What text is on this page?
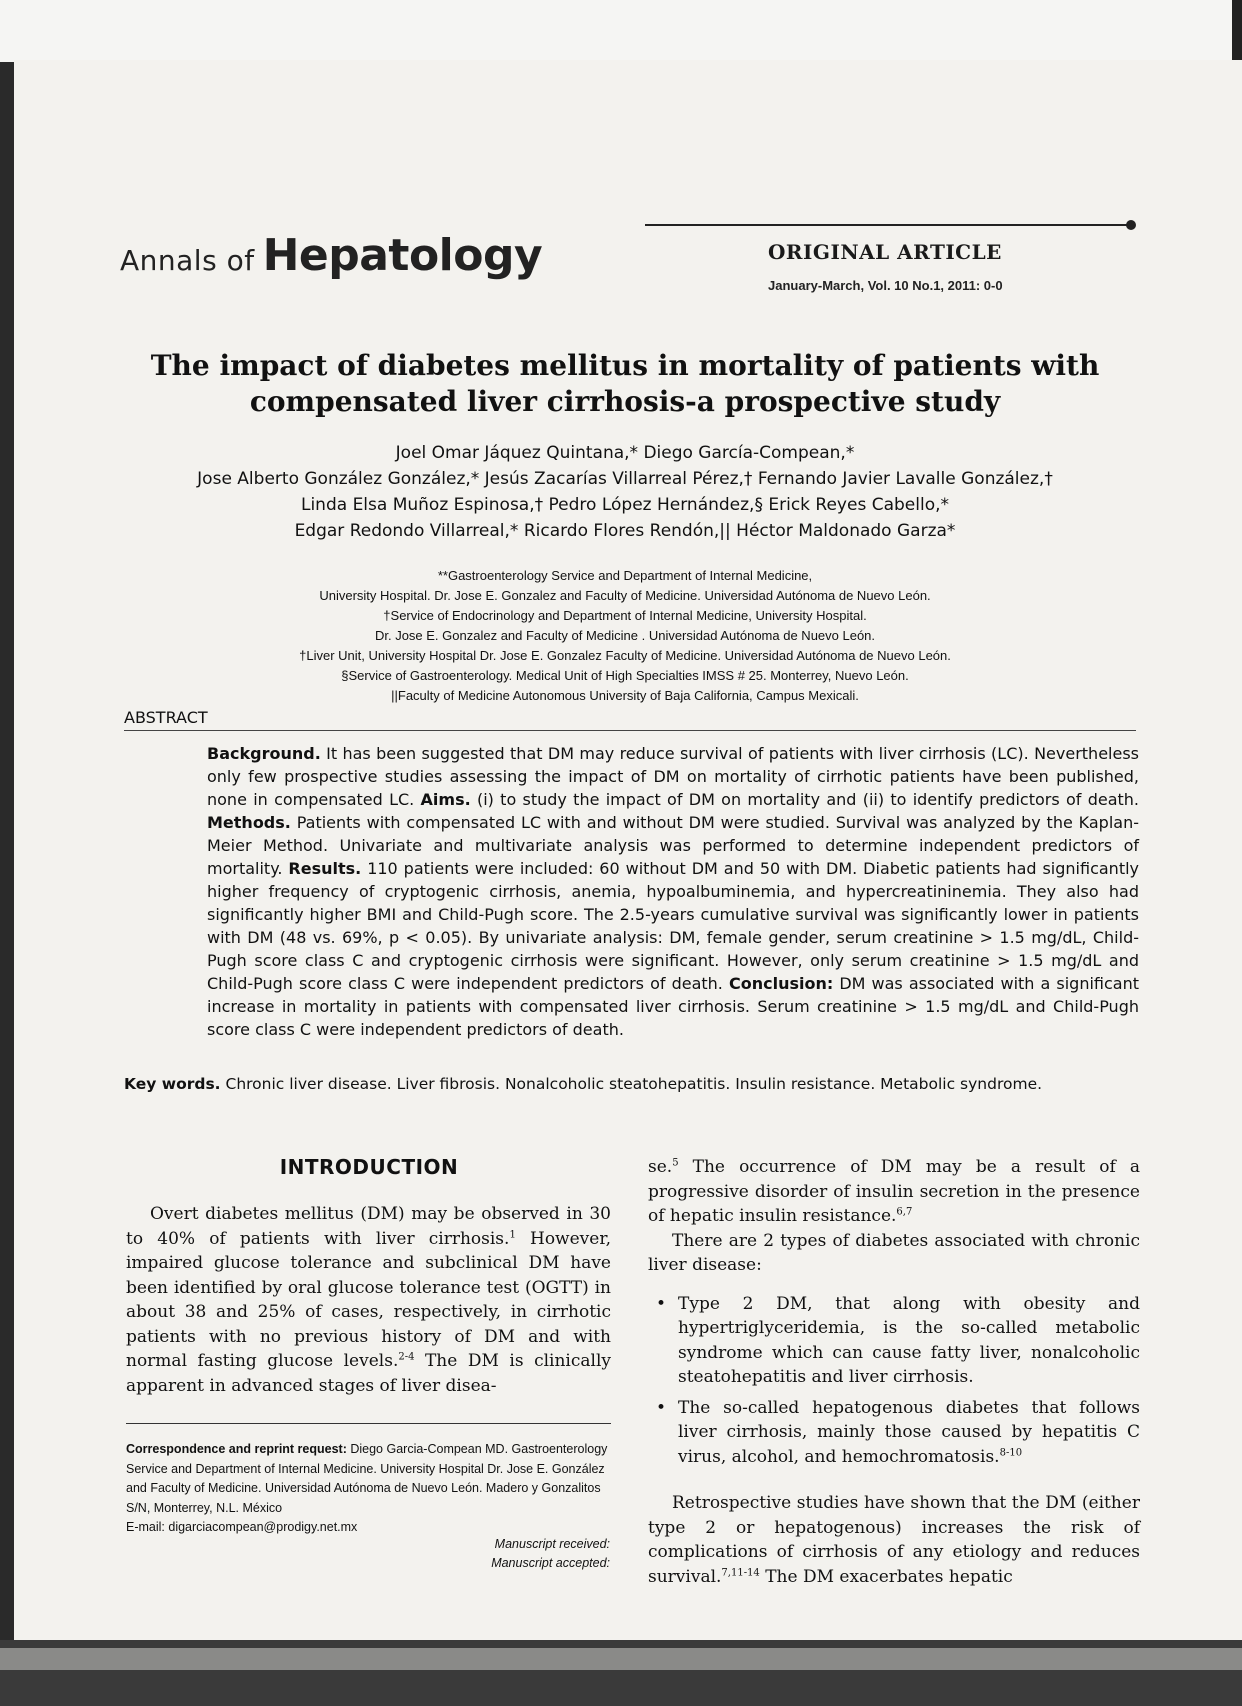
Annals of Hepatology	ORIGINAL ARTICLE
January-March, Vol. 10 No.1, 2011: 0-0
The impact of diabetes mellitus in mortality of patients with compensated liver cirrhosis-a prospective study
Joel Omar Jáquez Quintana,* Diego García-Compean,*
Jose Alberto González González,* Jesús Zacarías Villarreal Pérez,† Fernando Javier Lavalle González,†
Linda Elsa Muñoz Espinosa,† Pedro López Hernández,§ Erick Reyes Cabello,*
Edgar Redondo Villarreal,* Ricardo Flores Rendón,|| Héctor Maldonado Garza*
**Gastroenterology Service and Department of Internal Medicine,
University Hospital. Dr. Jose E. Gonzalez and Faculty of Medicine. Universidad Autónoma de Nuevo León.
†Service of Endocrinology and Department of Internal Medicine, University Hospital.
Dr. Jose E. Gonzalez and Faculty of Medicine . Universidad Autónoma de Nuevo León.
†Liver Unit, University Hospital Dr. Jose E. Gonzalez Faculty of Medicine. Universidad Autónoma de Nuevo León.
§Service of Gastroenterology. Medical Unit of High Specialties IMSS # 25. Monterrey, Nuevo León.
||Faculty of Medicine Autonomous University of Baja California, Campus Mexicali.
ABSTRACT
Background. It has been suggested that DM may reduce survival of patients with liver cirrhosis (LC). Nevertheless only few prospective studies assessing the impact of DM on mortality of cirrhotic patients have been published, none in compensated LC. Aims. (i) to study the impact of DM on mortality and (ii) to identify predictors of death. Methods. Patients with compensated LC with and without DM were studied. Survival was analyzed by the Kaplan-Meier Method. Univariate and multivariate analysis was performed to determine independent predictors of mortality. Results. 110 patients were included: 60 without DM and 50 with DM. Diabetic patients had significantly higher frequency of cryptogenic cirrhosis, anemia, hypoalbuminemia, and hypercreatininemia. They also had significantly higher BMI and Child-Pugh score. The 2.5-years cumulative survival was significantly lower in patients with DM (48 vs. 69%, p < 0.05). By univariate analysis: DM, female gender, serum creatinine > 1.5 mg/dL, Child-Pugh score class C and cryptogenic cirrhosis were significant. However, only serum creatinine > 1.5 mg/dL and Child-Pugh score class C were independent predictors of death. Conclusion: DM was associated with a significant increase in mortality in patients with compensated liver cirrhosis. Serum creatinine > 1.5 mg/dL and Child-Pugh score class C were independent predictors of death.
Key words. Chronic liver disease. Liver fibrosis. Nonalcoholic steatohepatitis. Insulin resistance. Metabolic syndrome.
INTRODUCTION

Overt diabetes mellitus (DM) may be observed in 30 to 40% of patients with liver cirrhosis.$^1$ However, impaired glucose tolerance and subclinical DM have been identified by oral glucose tolerance test (OGTT) in about 38 and 25% of cases, respectively, in cirrhotic patients with no previous history of DM and with normal fasting glucose levels.$^{2-4}$ The DM is clinically apparent in advanced stages of liver disea-

Correspondence and reprint request: Diego Garcia-Compean MD. Gastroenterology Service and Department of Internal Medicine. University Hospital Dr. Jose E. González and Faculty of Medicine. Universidad Autónoma de Nuevo León. Madero y Gonzalitos S/N, Monterrey, N.L. México
E-mail: digarciacompean@prodigy.net.mx
Manuscript received:
Manuscript accepted:

se.$^5$ The occurrence of DM may be a result of a progressive disorder of insulin secretion in the presence of hepatic insulin resistance.$^{6,7}$

There are 2 types of diabetes associated with chronic liver disease:

• Type 2 DM, that along with obesity and hypertriglyceridemia, is the so-called metabolic syndrome which can cause fatty liver, nonalcoholic steatohepatitis and liver cirrhosis.
• The so-called hepatogenous diabetes that follows liver cirrhosis, mainly those caused by hepatitis C virus, alcohol, and hemochromatosis.$^{8-10}$

Retrospective studies have shown that the DM (either type 2 or hepatogenous) increases the risk of complications of cirrhosis of any etiology and reduces survival.$^{7,11-14}$ The DM exacerbates hepatic
